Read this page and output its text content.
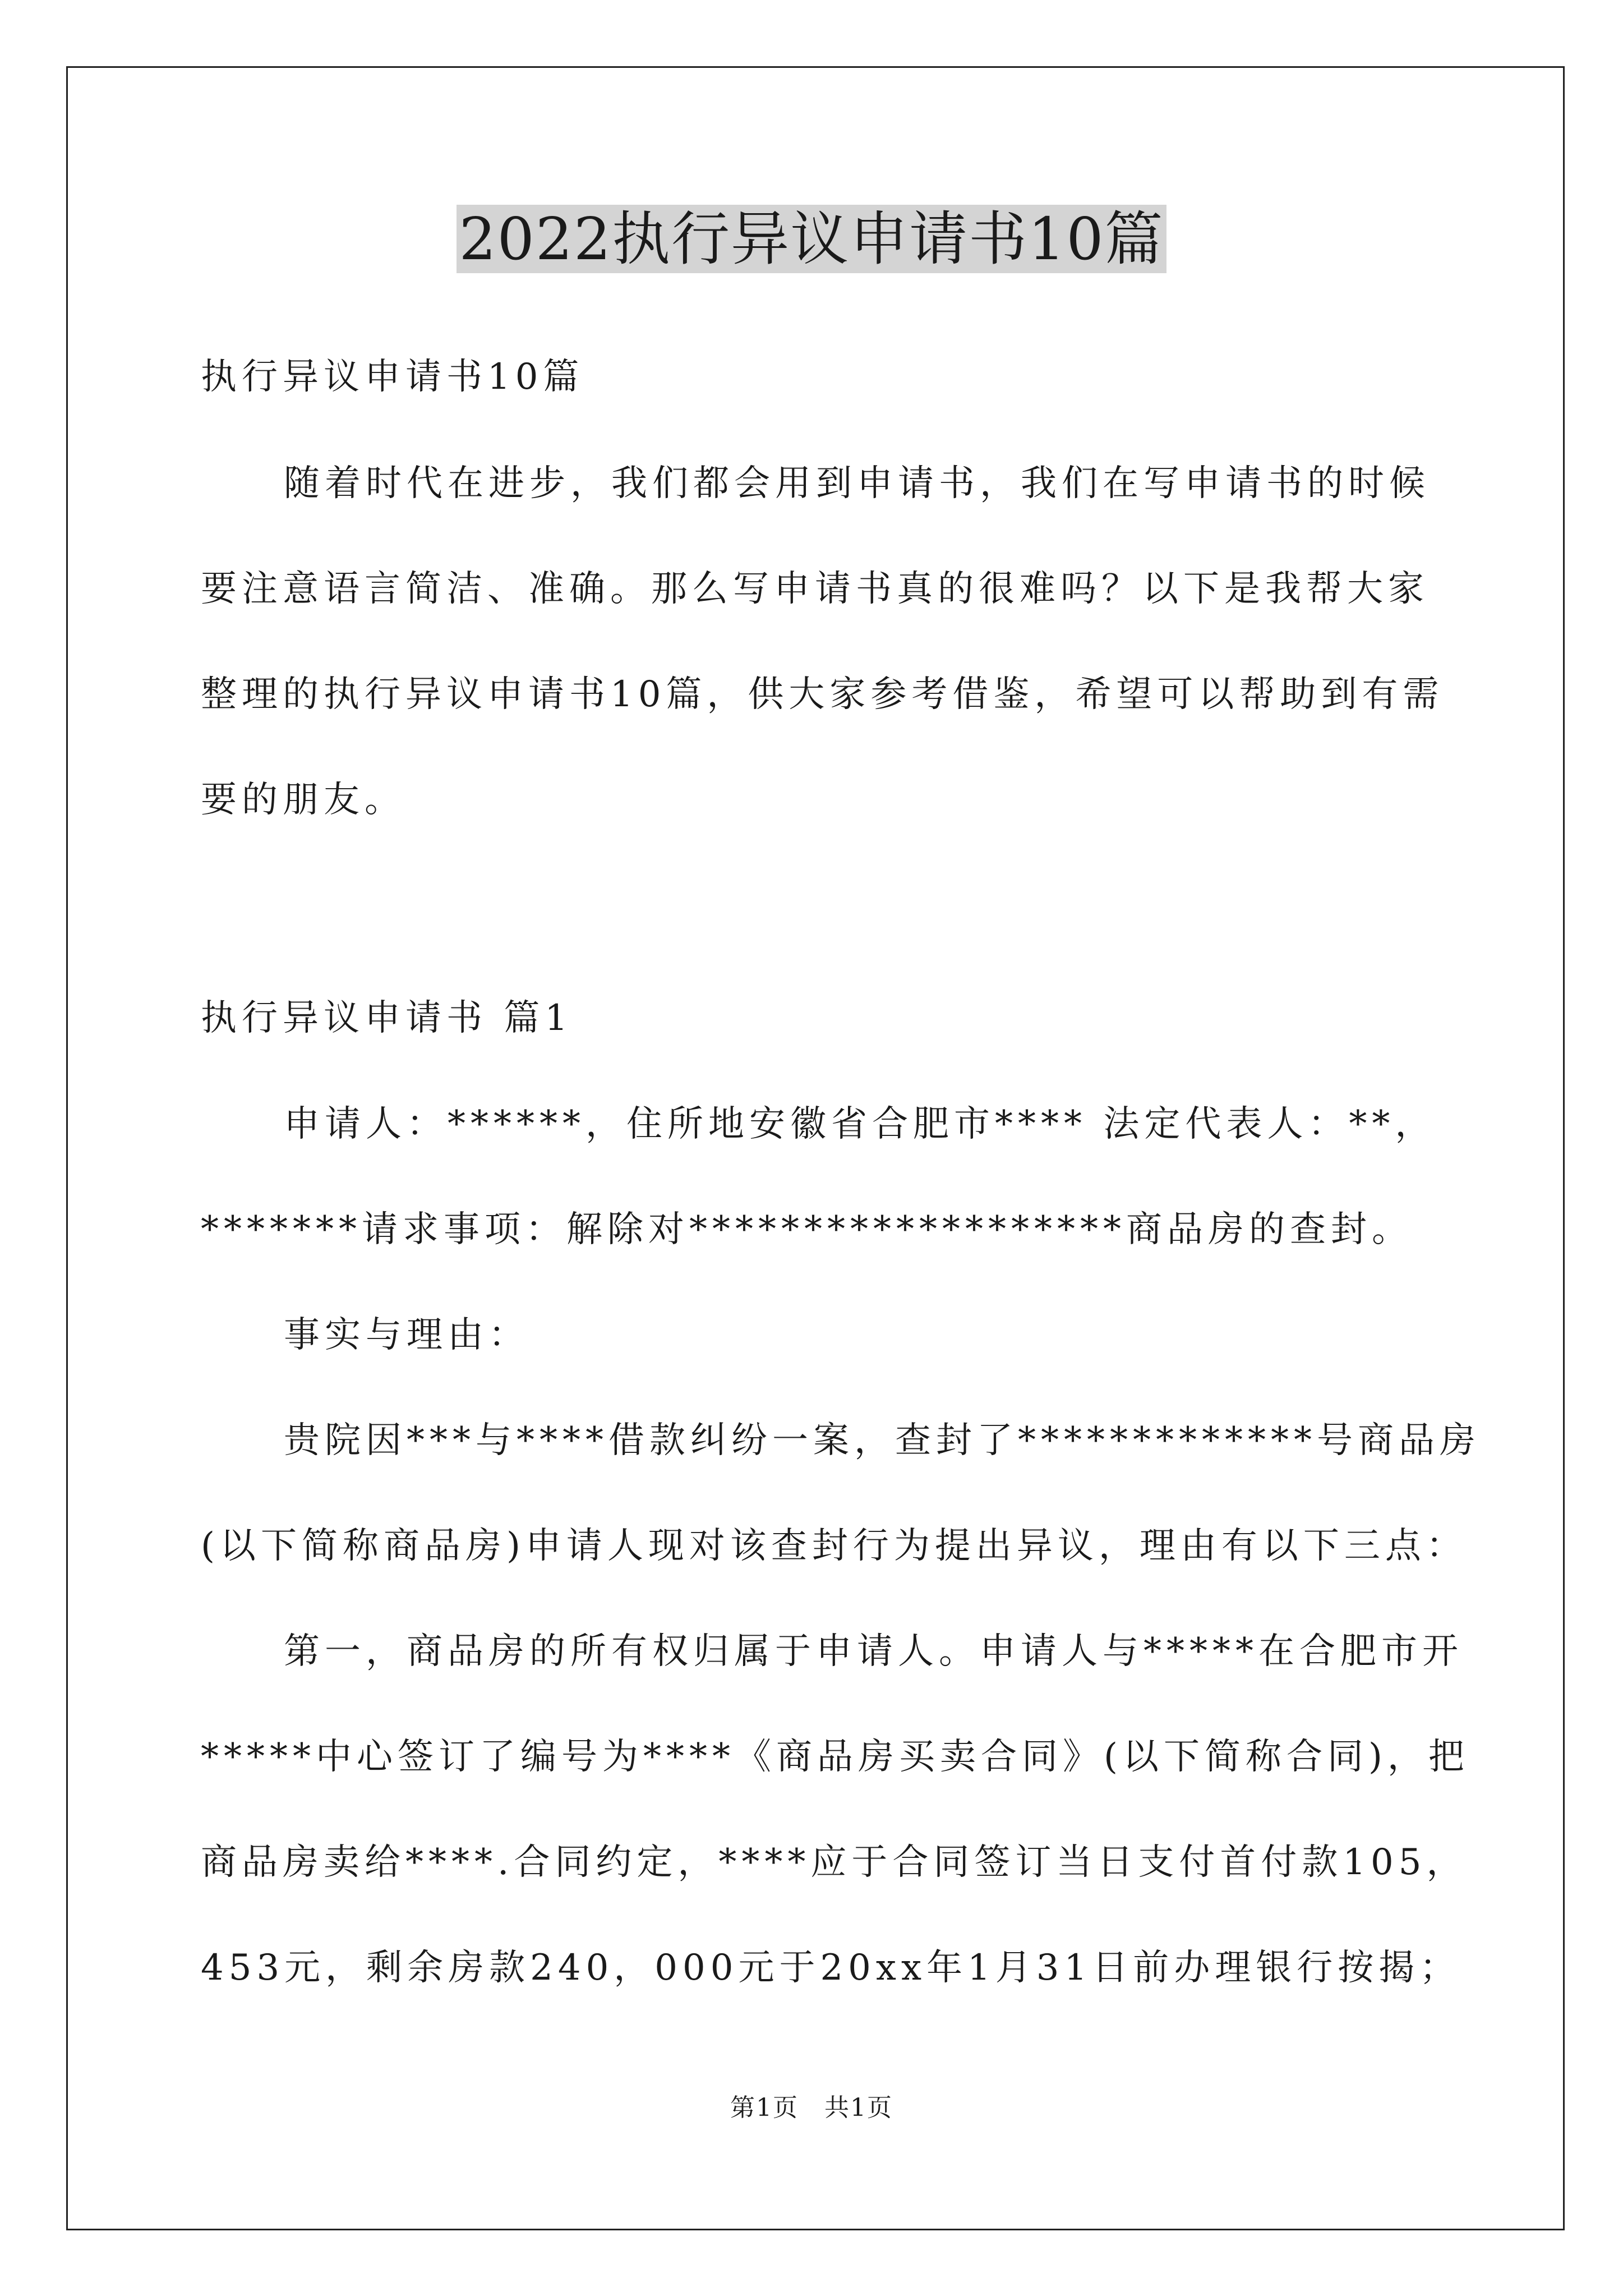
2022执行异议申请书10篇

执行异议申请书10篇

随着时代在进步，我们都会用到申请书，我们在写申请书的时候

要注意语言简洁、准确。那么写申请书真的很难吗？以下是我帮大家

整理的执行异议申请书10篇，供大家参考借鉴，希望可以帮助到有需

要的朋友。

执行异议申请书 篇1

申请人：******，住所地安徽省合肥市**** 法定代表人：**，

*******请求事项：解除对*******************商品房的查封。

事实与理由：

贵院因***与****借款纠纷一案，查封了*************号商品房

(以下简称商品房)申请人现对该查封行为提出异议，理由有以下三点：

第一，商品房的所有权归属于申请人。申请人与*****在合肥市开

*****中心签订了编号为****《商品房买卖合同》(以下简称合同)，把

商品房卖给****.合同约定，****应于合同签订当日支付首付款105，

453元，剩余房款240，000元于20xx年1月31日前办理银行按揭；

第1页 共1页
